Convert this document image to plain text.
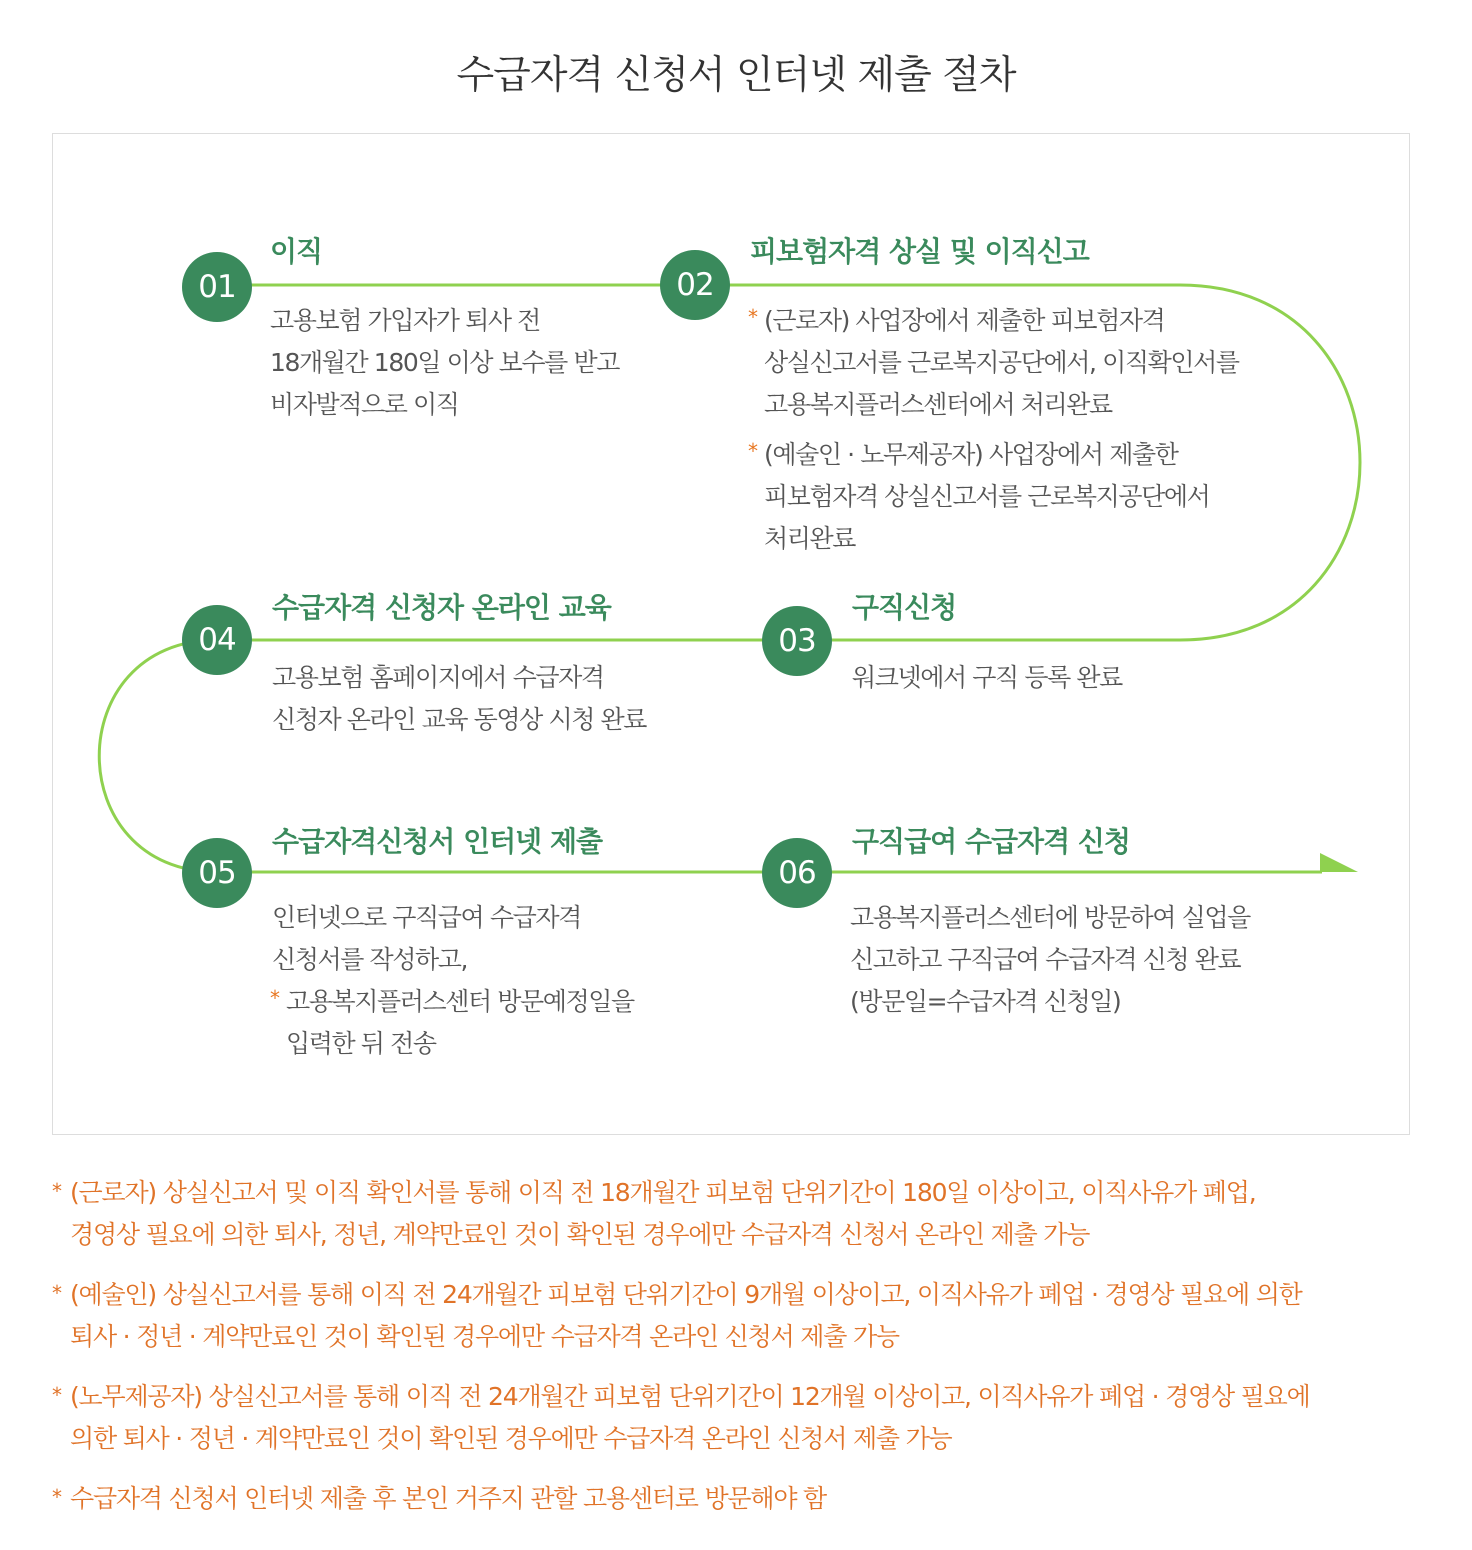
수급자격 신청서 인터넷 제출 절차
01
이직
고용보험 가입자가 퇴사 전
18개월간 180일 이상 보수를 받고
비자발적으로 이직
02
피보험자격 상실 및 이직신고
* (근로자) 사업장에서 제출한 피보험자격
상실신고서를 근로복지공단에서, 이직확인서를
고용복지플러스센터에서 처리완료
* (예술인 · 노무제공자) 사업장에서 제출한
피보험자격 상실신고서를 근로복지공단에서
처리완료
03
구직신청
워크넷에서 구직 등록 완료
04
수급자격 신청자 온라인 교육
고용보험 홈페이지에서 수급자격
신청자 온라인 교육 동영상 시청 완료
05
수급자격신청서 인터넷 제출
인터넷으로 구직급여 수급자격
신청서를 작성하고,
* 고용복지플러스센터 방문예정일을
입력한 뒤 전송
06
구직급여 수급자격 신청
고용복지플러스센터에 방문하여 실업을
신고하고 구직급여 수급자격 신청 완료
(방문일=수급자격 신청일)
* (근로자) 상실신고서 및 이직 확인서를 통해 이직 전 18개월간 피보험 단위기간이 180일 이상이고, 이직사유가 폐업,
경영상 필요에 의한 퇴사, 정년, 계약만료인 것이 확인된 경우에만 수급자격 신청서 온라인 제출 가능
* (예술인) 상실신고서를 통해 이직 전 24개월간 피보험 단위기간이 9개월 이상이고, 이직사유가 폐업 · 경영상 필요에 의한
퇴사 · 정년 · 계약만료인 것이 확인된 경우에만 수급자격 온라인 신청서 제출 가능
* (노무제공자) 상실신고서를 통해 이직 전 24개월간 피보험 단위기간이 12개월 이상이고, 이직사유가 폐업 · 경영상 필요에
의한 퇴사 · 정년 · 계약만료인 것이 확인된 경우에만 수급자격 온라인 신청서 제출 가능
* 수급자격 신청서 인터넷 제출 후 본인 거주지 관할 고용센터로 방문해야 함
